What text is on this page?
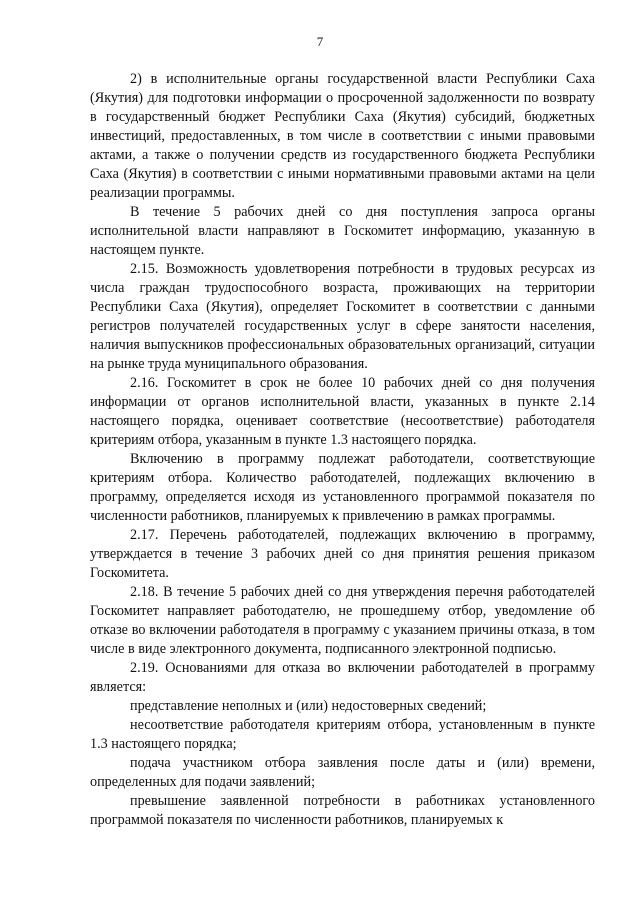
7

2) в исполнительные органы государственной власти Республики Саха (Якутия) для подготовки информации о просроченной задолженности по возврату в государственный бюджет Республики Саха (Якутия) субсидий, бюджетных инвестиций, предоставленных, в том числе в соответствии с иными правовыми актами, а также о получении средств из государственного бюджета Республики Саха (Якутия) в соответствии с иными нормативными правовыми актами на цели реализации программы.

В течение 5 рабочих дней со дня поступления запроса органы исполнительной власти направляют в Госкомитет информацию, указанную в настоящем пункте.

2.15. Возможность удовлетворения потребности в трудовых ресурсах из числа граждан трудоспособного возраста, проживающих на территории Республики Саха (Якутия), определяет Госкомитет в соответствии с данными регистров получателей государственных услуг в сфере занятости населения, наличия выпускников профессиональных образовательных организаций, ситуации на рынке труда муниципального образования.

2.16. Госкомитет в срок не более 10 рабочих дней со дня получения информации от органов исполнительной власти, указанных в пункте 2.14 настоящего порядка, оценивает соответствие (несоответствие) работодателя критериям отбора, указанным в пункте 1.3 настоящего порядка.

Включению в программу подлежат работодатели, соответствующие критериям отбора. Количество работодателей, подлежащих включению в программу, определяется исходя из установленного программой показателя по численности работников, планируемых к привлечению в рамках программы.

2.17. Перечень работодателей, подлежащих включению в программу, утверждается в течение 3 рабочих дней со дня принятия решения приказом Госкомитета.

2.18. В течение 5 рабочих дней со дня утверждения перечня работодателей Госкомитет направляет работодателю, не прошедшему отбор, уведомление об отказе во включении работодателя в программу с указанием причины отказа, в том числе в виде электронного документа, подписанного электронной подписью.

2.19. Основаниями для отказа во включении работодателей в программу является:

представление неполных и (или) недостоверных сведений;

несоответствие работодателя критериям отбора, установленным в пункте 1.3 настоящего порядка;

подача участником отбора заявления после даты и (или) времени, определенных для подачи заявлений;

превышение заявленной потребности в работниках установленного программой показателя по численности работников, планируемых к
